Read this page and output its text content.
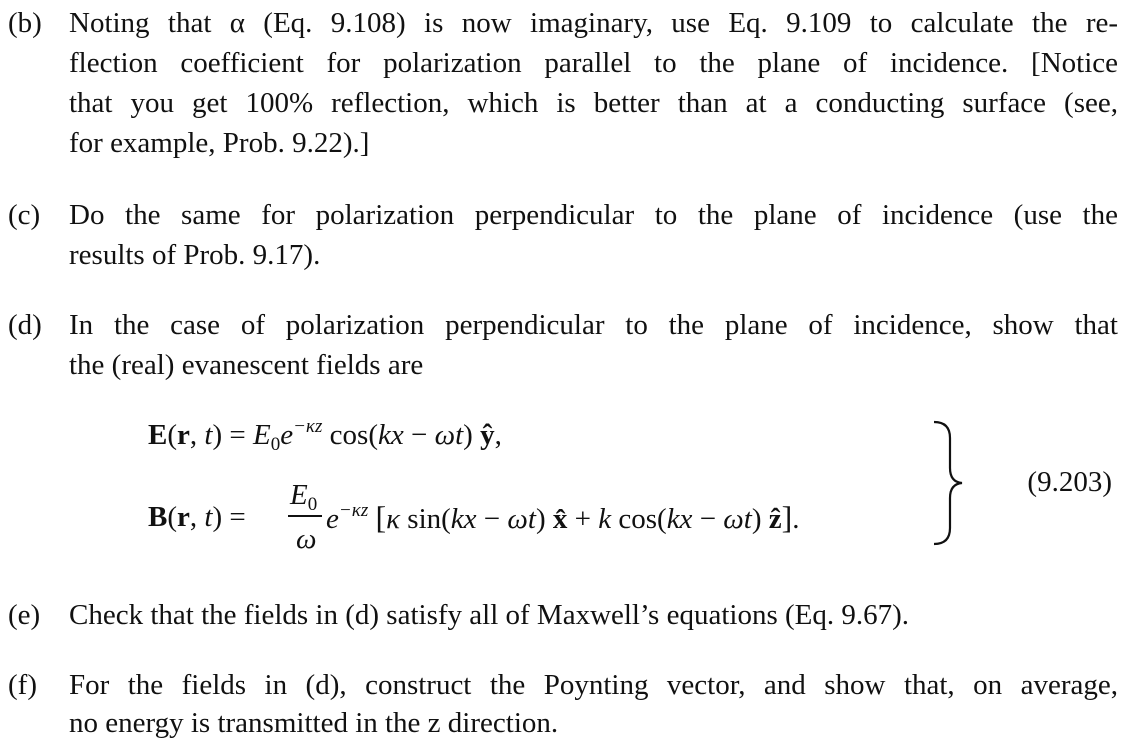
(b) Noting that α (Eq. 9.108) is now imaginary, use Eq. 9.109 to calculate the re-
flection coefficient for polarization parallel to the plane of incidence. [Notice
that you get 100% reflection, which is better than at a conducting surface (see,
for example, Prob. 9.22).]
(c) Do the same for polarization perpendicular to the plane of incidence (use the
results of Prob. 9.17).
(d) In the case of polarization perpendicular to the plane of incidence, show that
the (real) evanescent fields are
E(r, $t) = E_0e^{-\kappa z}$ cos(kx − ωt) ŷ,
B(r, t) =
$E_0$
ω
$e^{-\kappa z}$ [κ sin(kx − ωt) x̂ + k cos(kx − ωt) ẑ].
(9.203)
(e) Check that the fields in (d) satisfy all of Maxwell’s equations (Eq. 9.67).
(f) For the fields in (d), construct the Poynting vector, and show that, on average,
no energy is transmitted in the z direction.
